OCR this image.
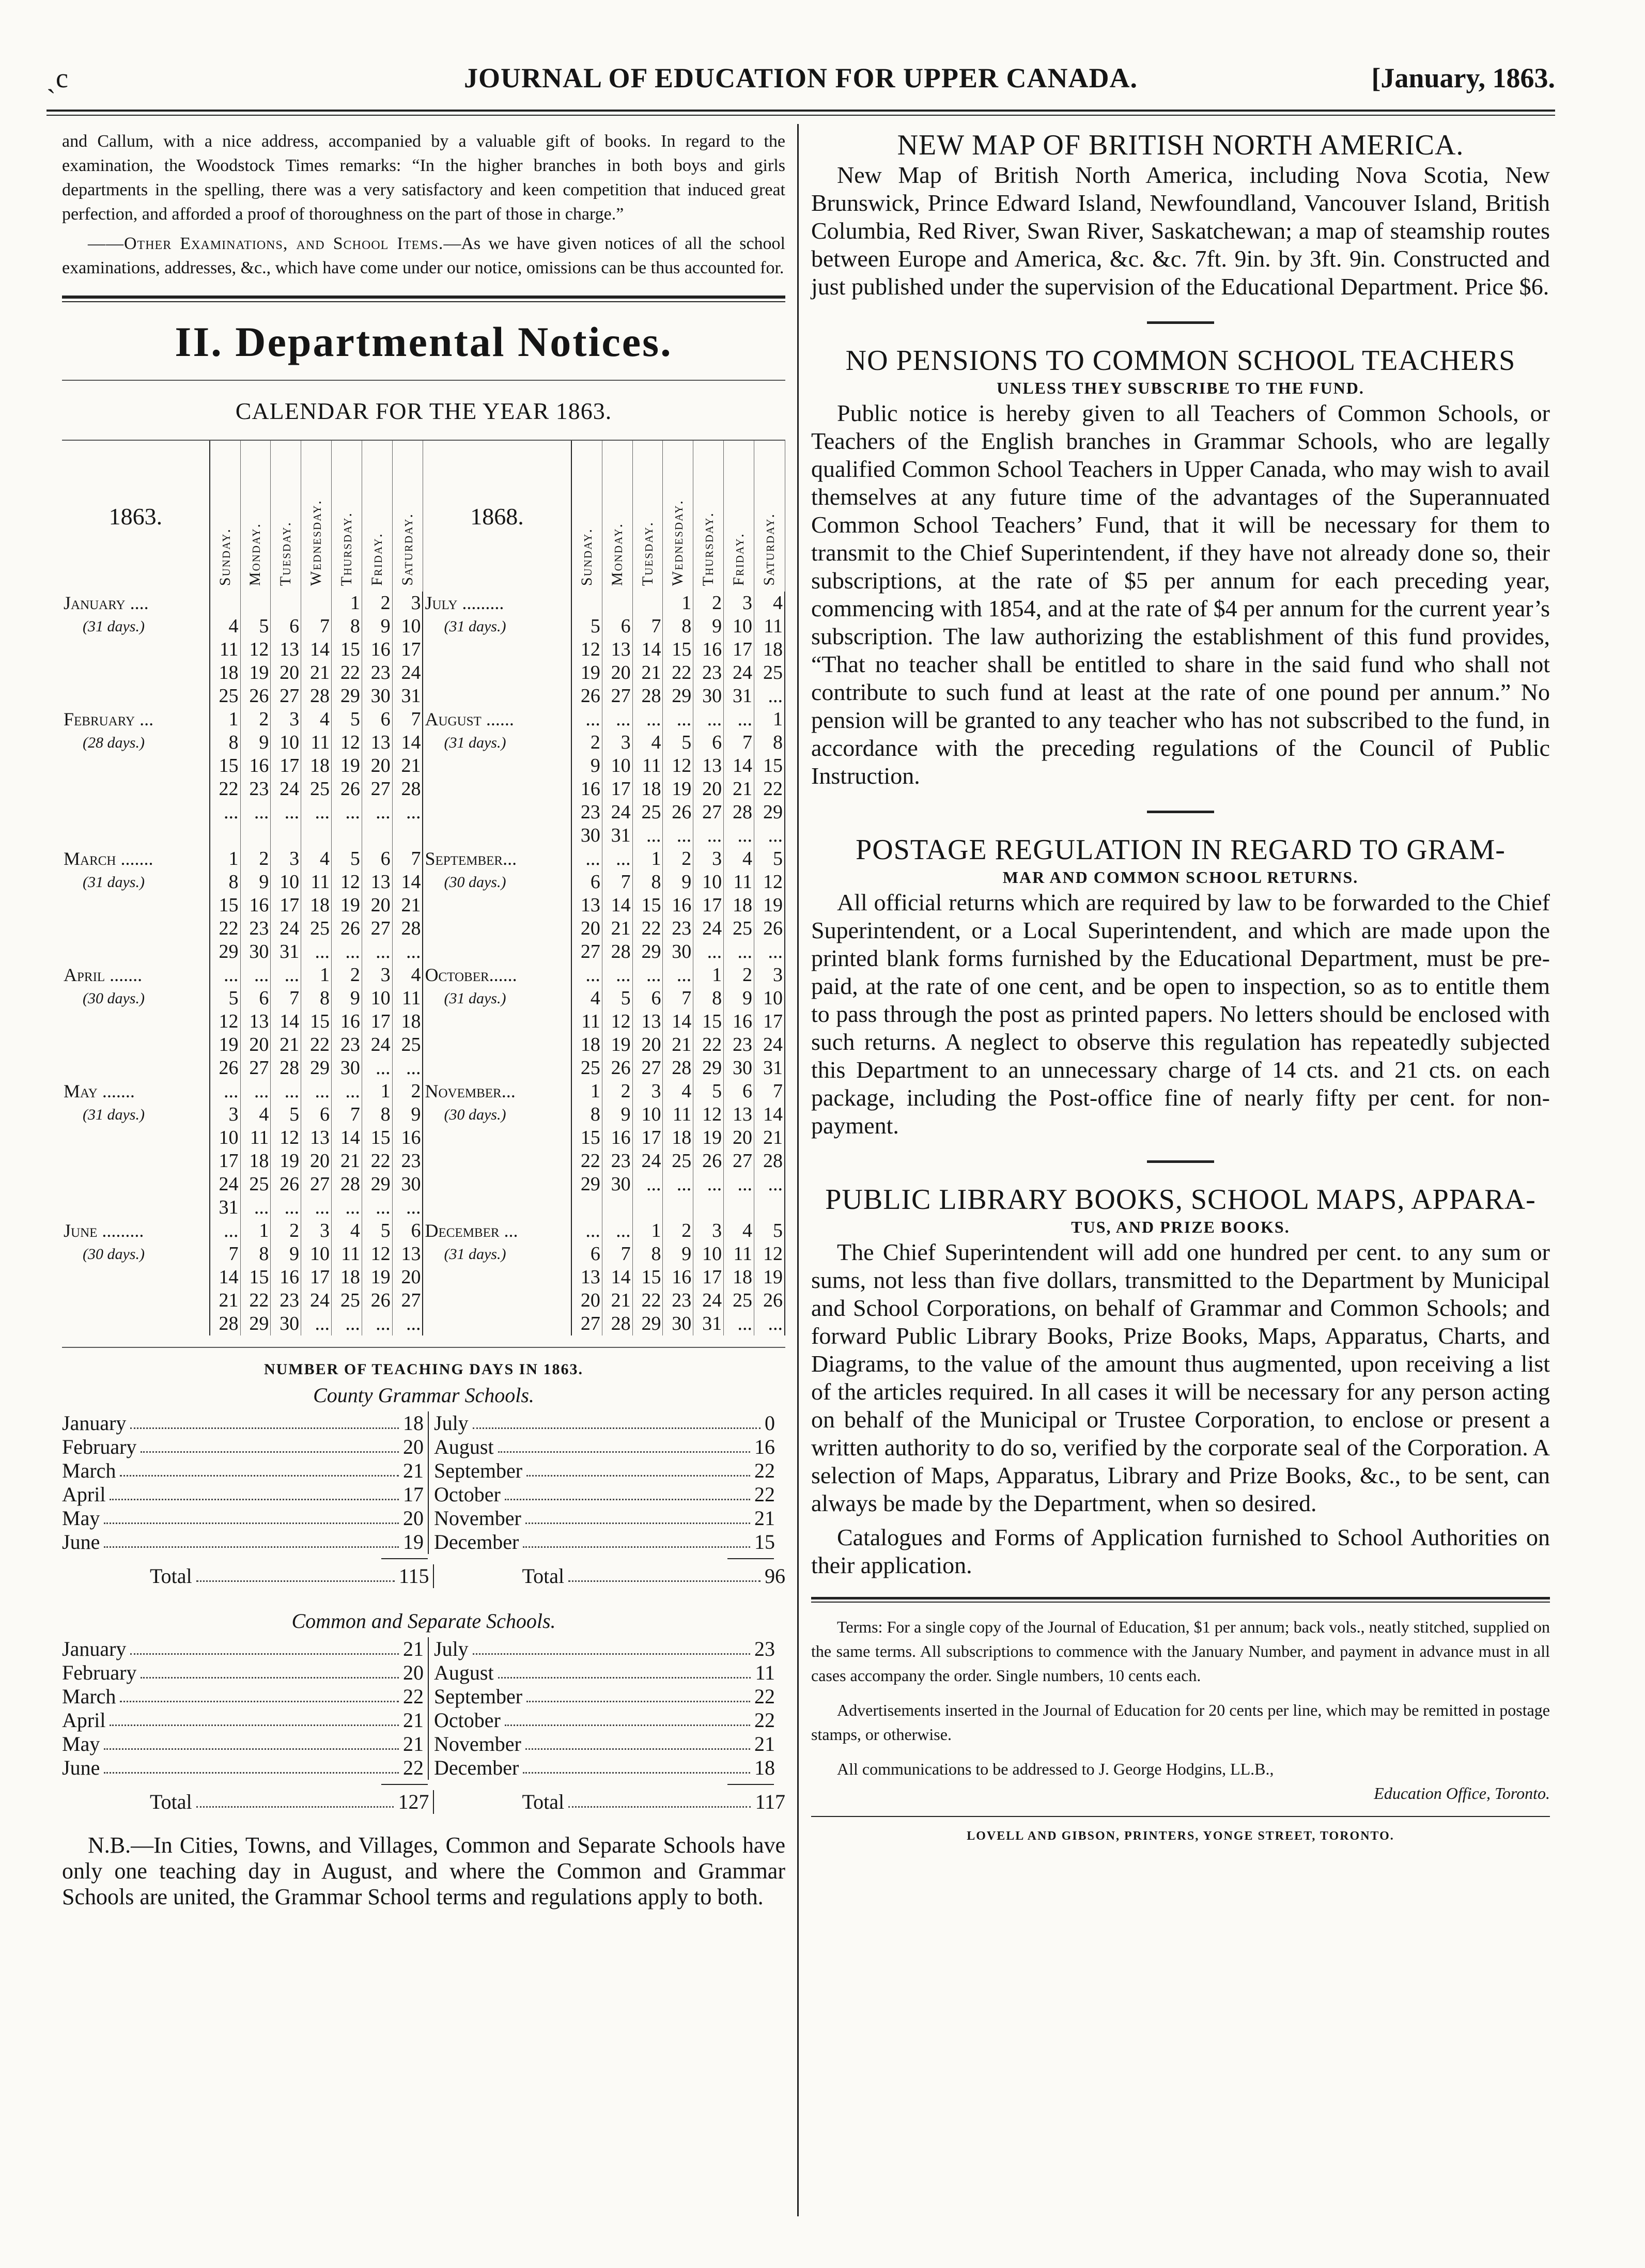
ˎc	JOURNAL OF EDUCATION FOR UPPER CANADA.	[January, 1863.

and Callum, with a nice address, accompanied by a valuable gift of books. In regard to the examination, the Woodstock Times remarks: “In the higher branches in both boys and girls departments in the spelling, there was a very satisfactory and keen competition that induced great perfection, and afforded a proof of thoroughness on the part of those in charge.”

——Other Examinations, and School Items.—As we have given notices of all the school examinations, addresses, &c., which have come under our notice, omissions can be thus accounted for.

II. Departmental Notices.
CALENDAR FOR THE YEAR 1863.
1863.	Sunday.	Monday.	Tuesday.	Wednesday.	Thursday.	Friday.	Saturday.	1868.	Sunday.	Monday.	Tuesday.	Wednesday.	Thursday.	Friday.	Saturday.
January ....					1	2	3	July .........				1	2	3	4
(31 days.)	4	5	6	7	8	9	10	(31 days.)	5	6	7	8	9	10	11
	11	12	13	14	15	16	17		12	13	14	15	16	17	18
	18	19	20	21	22	23	24		19	20	21	22	23	24	25
	25	26	27	28	29	30	31		26	27	28	29	30	31	...
February ...	1	2	3	4	5	6	7	August ......	...	...	...	...	...	...	1
(28 days.)	8	9	10	11	12	13	14	(31 days.)	2	3	4	5	6	7	8
	15	16	17	18	19	20	21		9	10	11	12	13	14	15
	22	23	24	25	26	27	28		16	17	18	19	20	21	22
	...	...	...	...	...	...	...		23	24	25	26	27	28	29
									30	31	...	...	...	...	...
March .......	1	2	3	4	5	6	7	September...	...	...	1	2	3	4	5
(31 days.)	8	9	10	11	12	13	14	(30 days.)	6	7	8	9	10	11	12
	15	16	17	18	19	20	21		13	14	15	16	17	18	19
	22	23	24	25	26	27	28		20	21	22	23	24	25	26
	29	30	31	...	...	...	...		27	28	29	30	...	...	...
April .......	...	...	...	1	2	3	4	October......	...	...	...	...	1	2	3
(30 days.)	5	6	7	8	9	10	11	(31 days.)	4	5	6	7	8	9	10
	12	13	14	15	16	17	18		11	12	13	14	15	16	17
	19	20	21	22	23	24	25		18	19	20	21	22	23	24
	26	27	28	29	30	...	...		25	26	27	28	29	30	31
May .......	...	...	...	...	...	1	2	November...	1	2	3	4	5	6	7
(31 days.)	3	4	5	6	7	8	9	(30 days.)	8	9	10	11	12	13	14
	10	11	12	13	14	15	16		15	16	17	18	19	20	21
	17	18	19	20	21	22	23		22	23	24	25	26	27	28
	24	25	26	27	28	29	30		29	30	...	...	...	...	...
	31	...	...	...	...	...	...								
June .........	...	1	2	3	4	5	6	December ...	...	...	1	2	3	4	5
(30 days.)	7	8	9	10	11	12	13	(31 days.)	6	7	8	9	10	11	12
	14	15	16	17	18	19	20		13	14	15	16	17	18	19
	21	22	23	24	25	26	27		20	21	22	23	24	25	26
	28	29	30	...	...	...	...		27	28	29	30	31	...	...
NUMBER OF TEACHING DAYS IN 1863.
County Grammar Schools.
January	18 July	0
February	20 August	16
March	21 September	22
April	17 October	22
May	20 November	21
June	19 December	15
Total	115	Total	96
Common and Separate Schools.
January	21 July	23
February	20 August	11
March	22 September	22
April	21 October	22
May	21 November	21
June	22 December	18
Total	127	Total	117

N.B.—In Cities, Towns, and Villages, Common and Separate Schools have only one teaching day in August, and where the Common and Grammar Schools are united, the Grammar School terms and regulations apply to both.

NEW MAP OF BRITISH NORTH AMERICA.

New Map of British North America, including Nova Scotia, New Brunswick, Prince Edward Island, Newfoundland, Vancouver Island, British Columbia, Red River, Swan River, Saskatchewan; a map of steamship routes between Europe and America, &c. &c. 7ft. 9in. by 3ft. 9in. Constructed and just published under the supervision of the Educational Department. Price $6.

NO PENSIONS TO COMMON SCHOOL TEACHERS
UNLESS THEY SUBSCRIBE TO THE FUND.

Public notice is hereby given to all Teachers of Common Schools, or Teachers of the English branches in Grammar Schools, who are legally qualified Common School Teachers in Upper Canada, who may wish to avail themselves at any future time of the advantages of the Superannuated Common School Teachers’ Fund, that it will be necessary for them to transmit to the Chief Superintendent, if they have not already done so, their subscriptions, at the rate of $5 per annum for each preceding year, commencing with 1854, and at the rate of $4 per annum for the current year’s subscription. The law authorizing the establishment of this fund provides, “That no teacher shall be entitled to share in the said fund who shall not contribute to such fund at least at the rate of one pound per annum.” No pension will be granted to any teacher who has not subscribed to the fund, in accordance with the preceding regulations of the Council of Public Instruction.

POSTAGE REGULATION IN REGARD TO GRAM-
MAR AND COMMON SCHOOL RETURNS.

All official returns which are required by law to be forwarded to the Chief Superintendent, or a Local Superintendent, and which are made upon the printed blank forms furnished by the Educational Department, must be pre-paid, at the rate of one cent, and be open to inspection, so as to entitle them to pass through the post as printed papers. No letters should be enclosed with such returns. A neglect to observe this regulation has repeatedly subjected this Department to an unnecessary charge of 14 cts. and 21 cts. on each package, including the Post-office fine of nearly fifty per cent. for non-payment.

PUBLIC LIBRARY BOOKS, SCHOOL MAPS, APPARA-
TUS, AND PRIZE BOOKS.

The Chief Superintendent will add one hundred per cent. to any sum or sums, not less than five dollars, transmitted to the Department by Municipal and School Corporations, on behalf of Grammar and Common Schools; and forward Public Library Books, Prize Books, Maps, Apparatus, Charts, and Diagrams, to the value of the amount thus augmented, upon receiving a list of the articles required. In all cases it will be necessary for any person acting on behalf of the Municipal or Trustee Corporation, to enclose or present a written authority to do so, verified by the corporate seal of the Corporation. A selection of Maps, Apparatus, Library and Prize Books, &c., to be sent, can always be made by the Department, when so desired.

Catalogues and Forms of Application furnished to School Authorities on their application.

Terms: For a single copy of the Journal of Education, $1 per annum; back vols., neatly stitched, supplied on the same terms. All subscriptions to commence with the January Number, and payment in advance must in all cases accompany the order. Single numbers, 10 cents each.

Advertisements inserted in the Journal of Education for 20 cents per line, which may be remitted in postage stamps, or otherwise.

All communications to be addressed to J. George Hodgins, LL.B.,

Education Office, Toronto.

LOVELL AND GIBSON, PRINTERS, YONGE STREET, TORONTO.
